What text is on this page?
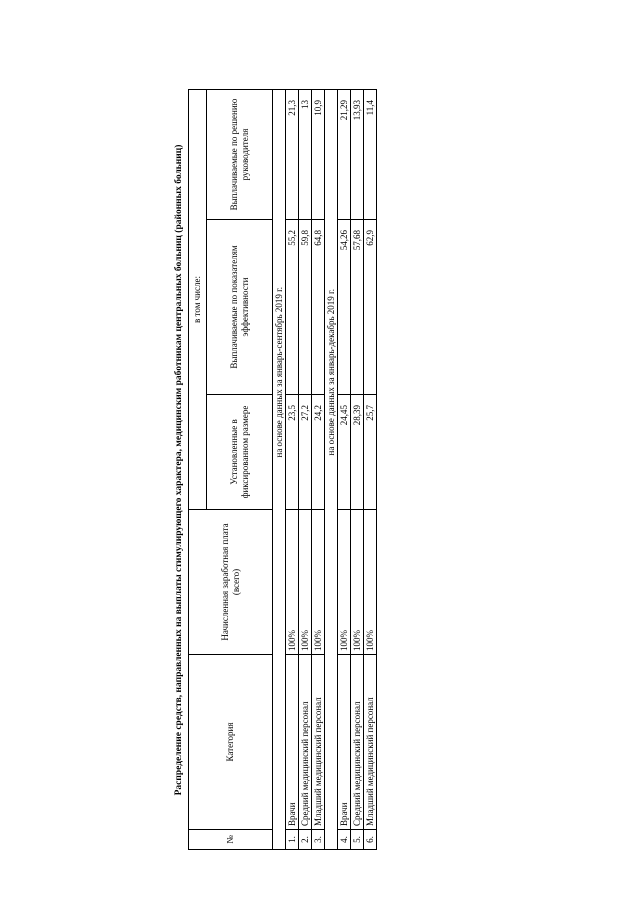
Распределение средств, направленных на выплаты стимулирующего характера, медицинским работникам центральных больниц (районных больниц)
№	Категория	Начисленная заработная плата (всего)	в том числе:		
			Установленные в фиксированном размере	Выплачиваемые по показателям эффективности	Выплачиваемые по решению руководителя
		на основе данных за январь-сентябрь 2019 г.			
1.	Врачи	100%	23,5	55,2	21,3
2.	Средний медицинский персонал	100%	27,2	59,8	13
3.	Младший медицинский персонал	100%	24,2	64,8	10,9
		на основе данных за январь-декабрь 2019 г.			
4.	Врачи	100%	24,45	54,26	21,29
5.	Средний медицинский персонал	100%	28,39	57,68	13,93
6.	Младший медицинский персонал	100%	25,7	62,9	11,4
